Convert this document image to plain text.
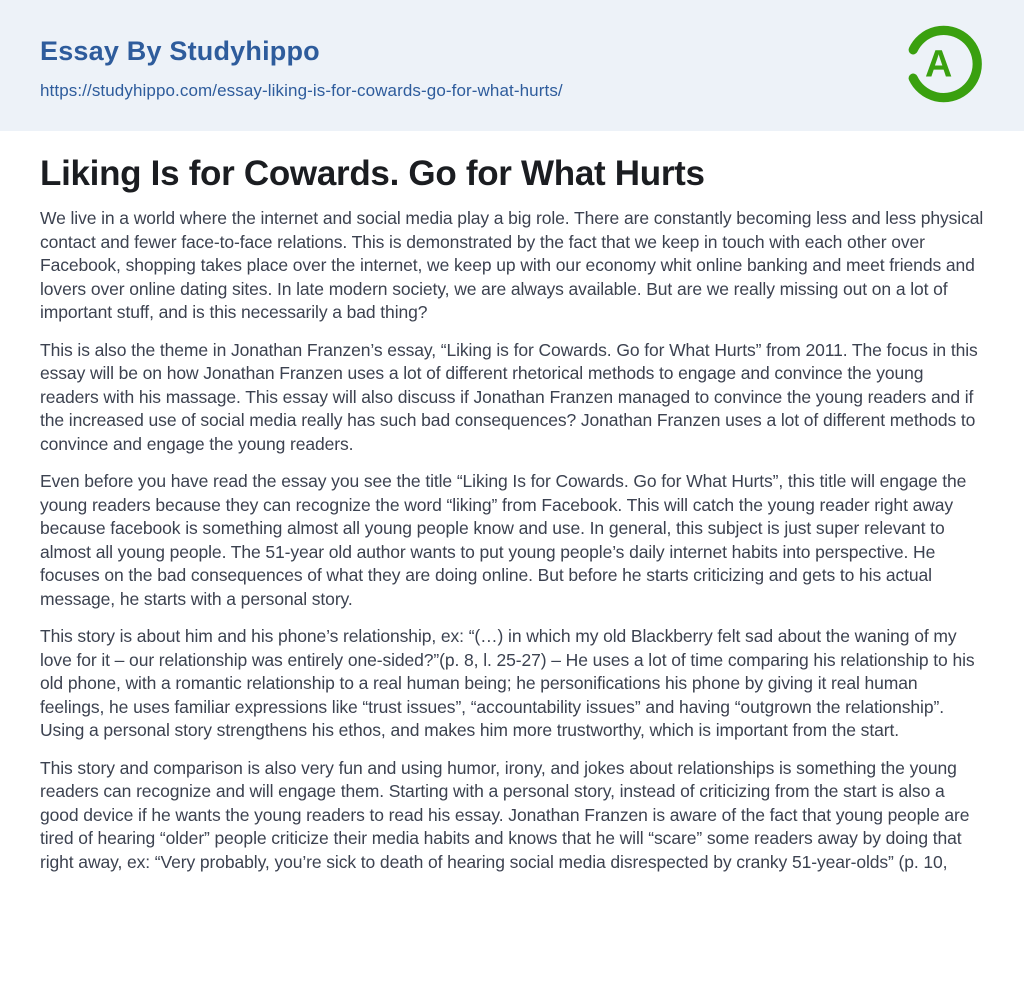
Essay By Studyhippo
https://studyhippo.com/essay-liking-is-for-cowards-go-for-what-hurts/
A
Liking Is for Cowards. Go for What Hurts

We live in a world where the internet and social media play a big role. There are constantly becoming less and less physical contact and fewer face-to-face relations. This is demonstrated by the fact that we keep in touch with each other over Facebook, shopping takes place over the internet, we keep up with our economy whit online banking and meet friends and lovers over online dating sites. In late modern society, we are always available. But are we really missing out on a lot of important stuff, and is this necessarily a bad thing?

This is also the theme in Jonathan Franzen’s essay, “Liking is for Cowards. Go for What Hurts” from 2011. The focus in this essay will be on how Jonathan Franzen uses a lot of different rhetorical methods to engage and convince the young readers with his massage. This essay will also discuss if Jonathan Franzen managed to convince the young readers and if the increased use of social media really has such bad consequences? Jonathan Franzen uses a lot of different methods to convince and engage the young readers.

Even before you have read the essay you see the title “Liking Is for Cowards. Go for What Hurts”, this title will engage the young readers because they can recognize the word “liking” from Facebook. This will catch the young reader right away because facebook is something almost all young people know and use. In general, this subject is just super relevant to almost all young people. The 51-year old author wants to put young people’s daily internet habits into perspective. He focuses on the bad consequences of what they are doing online. But before he starts criticizing and gets to his actual message, he starts with a personal story.

This story is about him and his phone’s relationship, ex: “(…) in which my old Blackberry felt sad about the waning of my love for it – our relationship was entirely one-sided?”(p. 8, l. 25-27) – He uses a lot of time comparing his relationship to his old phone, with a romantic relationship to a real human being; he personifications his phone by giving it real human feelings, he uses familiar expressions like “trust issues”, “accountability issues” and having “outgrown the relationship”. Using a personal story strengthens his ethos, and makes him more trustworthy, which is important from the start.

This story and comparison is also very fun and using humor, irony, and jokes about relationships is something the young readers can recognize and will engage them. Starting with a personal story, instead of criticizing from the start is also a good device if he wants the young readers to read his essay. Jonathan Franzen is aware of the fact that young people are tired of hearing “older” people criticize their media habits and knows that he will “scare” some readers away by doing that right away, ex: “Very probably, you’re sick to death of hearing social media disrespected by cranky 51-year-olds” (p. 10,
